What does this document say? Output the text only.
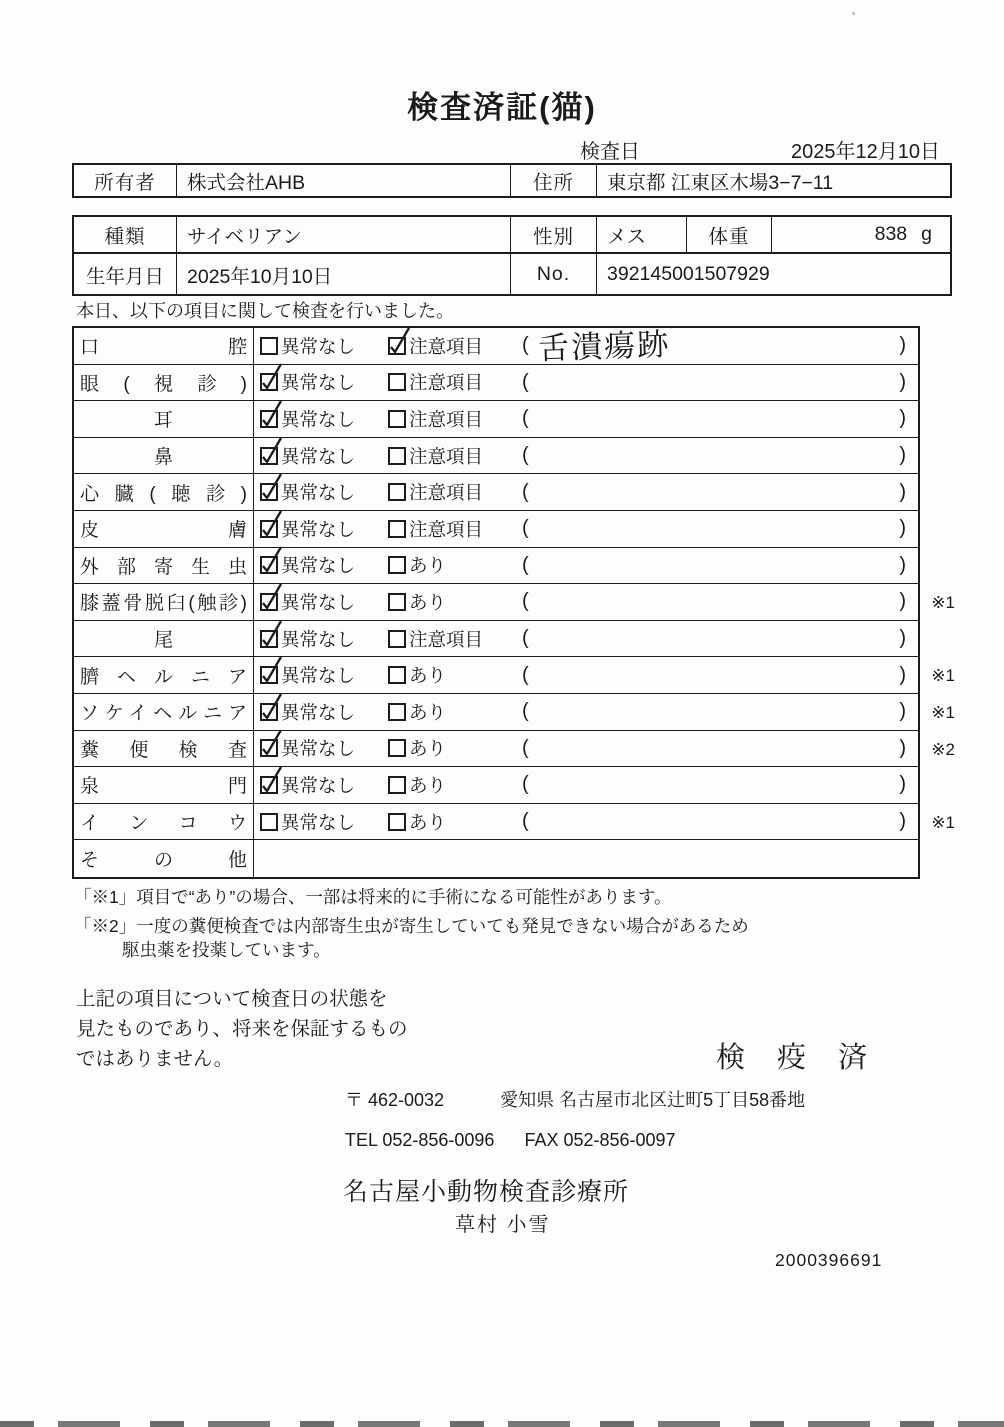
検査済証(猫)
検査日	2025年12月10日
所有者	株式会社AHB	住所	東京都 江東区木場3−7−11
種類	サイベリアン	性別	メス	体重	838 g
生年月日	2025年10月10日	No.	392145001507929
本日、以下の項目に関して検査を行いました。
口腔 異常なし	注意項目 ( 舌潰瘍跡	)
眼(視診) 異常なし	注意項目 (	)
耳	異常なし	注意項目 (	)
鼻	異常なし	注意項目 (	)
心臓(聴診) 異常なし	注意項目 (	)
皮膚 異常なし	注意項目 (	)
外部寄生虫 異常なし	あり	(	)
膝蓋骨脱臼(触診) 異常なし	あり	(	) ※1
尾	異常なし	注意項目 (	)
臍ヘルニア 異常なし	あり	(	) ※1
ソケイヘルニア 異常なし	あり	(	) ※1
糞便検査 異常なし	あり	(	) ※2
泉門 異常なし	あり	(	)
インコウ 異常なし	あり	(	) ※1
その他
「※1」項目で“あり”の場合、一部は将来的に手術になる可能性があります。
「※2」一度の糞便検査では内部寄生虫が寄生していても発見できない場合があるため
駆虫薬を投薬しています。
上記の項目について検査日の状態を
見たものであり、将来を保証するもの
ではありません。	検 疫 済
〒 462-0032	愛知県 名古屋市北区辻町5丁目58番地
TEL 052-856-0096 FAX 052-856-0097
名古屋小動物検査診療所
草村 小雪
2000396691
